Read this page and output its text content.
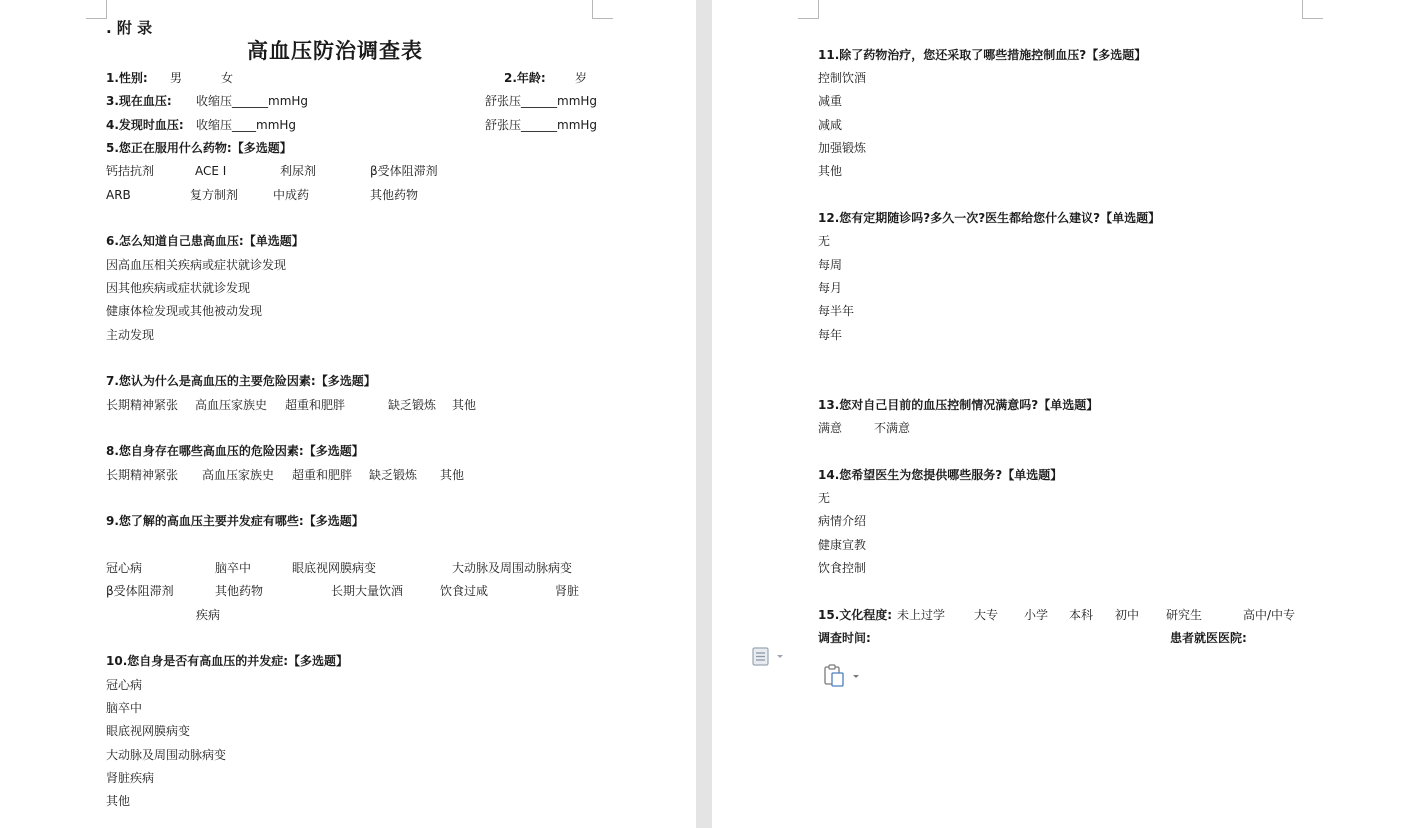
. 附 录
高血压防治调查表
1.性别: 男	女	2.年龄: 岁
3.现在血压: 收缩压______mmHg	舒张压______mmHg
4.发现时血压: 收缩压____mmHg	舒张压______mmHg
5.您正在服用什么药物:【多选题】
钙拮抗剂	ACE I	利尿剂	β受体阻滞剂
ARB	复方制剂	中成药	其他药物
6.怎么知道自己患高血压:【单选题】
因高血压相关疾病或症状就诊发现
因其他疾病或症状就诊发现
健康体检发现或其他被动发现
主动发现
7.您认为什么是高血压的主要危险因素:【多选题】
长期精神紧张 高血压家族史 超重和肥胖	缺乏锻炼 其他
8.您自身存在哪些高血压的危险因素:【多选题】
长期精神紧张 高血压家族史 超重和肥胖 缺乏锻炼 其他
9.您了解的高血压主要并发症有哪些:【多选题】
冠心病	脑卒中	眼底视网膜病变	大动脉及周围动脉病变
β受体阻滞剂	其他药物	长期大量饮酒	饮食过咸	肾脏
疾病
10.您自身是否有高血压的并发症:【多选题】
冠心病
脑卒中
眼底视网膜病变
大动脉及周围动脉病变
肾脏疾病
其他
11.除了药物治疗，您还采取了哪些措施控制血压?【多选题】
控制饮酒
减重
减咸
加强锻炼
其他
12.您有定期随诊吗?多久一次?医生都给您什么建议?【单选题】
无
每周
每月
每半年
每年
13.您对自己目前的血压控制情况满意吗?【单选题】
满意	不满意
14.您希望医生为您提供哪些服务?【单选题】
无
病情介绍
健康宣教
饮食控制
15.文化程度: 未上过学 大专 小学 本科 初中 研究生	高中/中专
调查时间:	患者就医医院:
